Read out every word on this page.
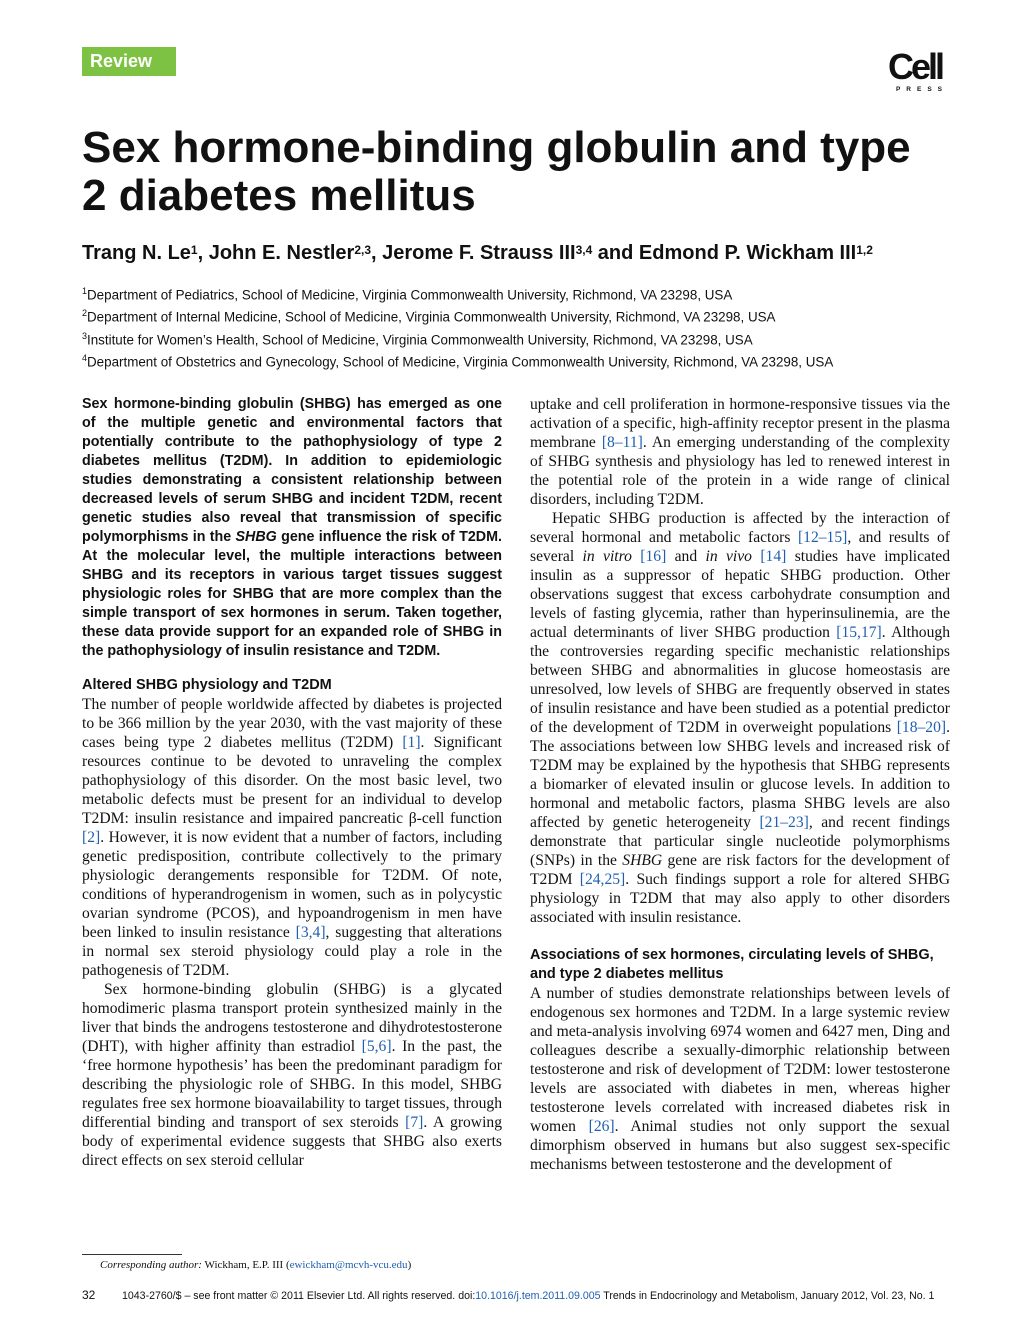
Review	Cell
PRESS
Sex hormone-binding globulin and type 2 diabetes mellitus
Trang N. Le$^1$, John E. Nestler$^{2,3}$, Jerome F. Strauss III$^{3,4}$ and Edmond P. Wickham III$^{1,2}$
$^1$Department of Pediatrics, School of Medicine, Virginia Commonwealth University, Richmond, VA 23298, USA
$^2$Department of Internal Medicine, School of Medicine, Virginia Commonwealth University, Richmond, VA 23298, USA
$^3$Institute for Women’s Health, School of Medicine, Virginia Commonwealth University, Richmond, VA 23298, USA
$^4$Department of Obstetrics and Gynecology, School of Medicine, Virginia Commonwealth University, Richmond, VA 23298, USA

Sex hormone-binding globulin (SHBG) has emerged as one of the multiple genetic and environmental factors that potentially contribute to the pathophysiology of type 2 diabetes mellitus (T2DM). In addition to epidemiologic studies demonstrating a consistent relationship between decreased levels of serum SHBG and incident T2DM, recent genetic studies also reveal that transmission of specific polymorphisms in the SHBG gene influence the risk of T2DM. At the molecular level, the multiple interactions between SHBG and its receptors in various target tissues suggest physiologic roles for SHBG that are more complex than the simple transport of sex hormones in serum. Taken together, these data provide support for an expanded role of SHBG in the pathophysiology of insulin resistance and T2DM.

Altered SHBG physiology and T2DM

The number of people worldwide affected by diabetes is projected to be 366 million by the year 2030, with the vast majority of these cases being type 2 diabetes mellitus (T2DM) [1]. Significant resources continue to be devoted to unraveling the complex pathophysiology of this disorder. On the most basic level, two metabolic defects must be present for an individual to develop T2DM: insulin resistance and impaired pancreatic β-cell function [2]. However, it is now evident that a number of factors, including genetic predisposition, contribute collectively to the primary physiologic derangements responsible for T2DM. Of note, conditions of hyperandrogenism in women, such as in polycystic ovarian syndrome (PCOS), and hypoandrogenism in men have been linked to insulin resistance [3,4], suggesting that alterations in normal sex steroid physiology could play a role in the pathogenesis of T2DM.

Sex hormone-binding globulin (SHBG) is a glycated homodimeric plasma transport protein synthesized mainly in the liver that binds the androgens testosterone and dihydrotestosterone (DHT), with higher affinity than estradiol [5,6]. In the past, the ‘free hormone hypothesis’ has been the predominant paradigm for describing the physiologic role of SHBG. In this model, SHBG regulates free sex hormone bioavailability to target tissues, through differential binding and transport of sex steroids [7]. A growing body of experimental evidence suggests that SHBG also exerts direct effects on sex steroid cellular

uptake and cell proliferation in hormone-responsive tissues via the activation of a specific, high-affinity receptor present in the plasma membrane [8–11]. An emerging understanding of the complexity of SHBG synthesis and physiology has led to renewed interest in the potential role of the protein in a wide range of clinical disorders, including T2DM.

Hepatic SHBG production is affected by the interaction of several hormonal and metabolic factors [12–15], and results of several in vitro [16] and in vivo [14] studies have implicated insulin as a suppressor of hepatic SHBG production. Other observations suggest that excess carbohydrate consumption and levels of fasting glycemia, rather than hyperinsulinemia, are the actual determinants of liver SHBG production [15,17]. Although the controversies regarding specific mechanistic relationships between SHBG and abnormalities in glucose homeostasis are unresolved, low levels of SHBG are frequently observed in states of insulin resistance and have been studied as a potential predictor of the development of T2DM in overweight populations [18–20]. The associations between low SHBG levels and increased risk of T2DM may be explained by the hypothesis that SHBG represents a biomarker of elevated insulin or glucose levels. In addition to hormonal and metabolic factors, plasma SHBG levels are also affected by genetic heterogeneity [21–23], and recent findings demonstrate that particular single nucleotide polymorphisms (SNPs) in the SHBG gene are risk factors for the development of T2DM [24,25]. Such findings support a role for altered SHBG physiology in T2DM that may also apply to other disorders associated with insulin resistance.

Associations of sex hormones, circulating levels of SHBG, and type 2 diabetes mellitus

A number of studies demonstrate relationships between levels of endogenous sex hormones and T2DM. In a large systemic review and meta-analysis involving 6974 women and 6427 men, Ding and colleagues describe a sexually-dimorphic relationship between testosterone and risk of development of T2DM: lower testosterone levels are associated with diabetes in men, whereas higher testosterone levels correlated with increased diabetes risk in women [26]. Animal studies not only support the sexual dimorphism observed in humans but also suggest sex-specific mechanisms between testosterone and the development of

Corresponding author: Wickham, E.P. III (ewickham@mcvh-vcu.edu)
32	1043-2760/$ – see front matter © 2011 Elsevier Ltd. All rights reserved. doi:10.1016/j.tem.2011.09.005 Trends in Endocrinology and Metabolism, January 2012, Vol. 23, No. 1
